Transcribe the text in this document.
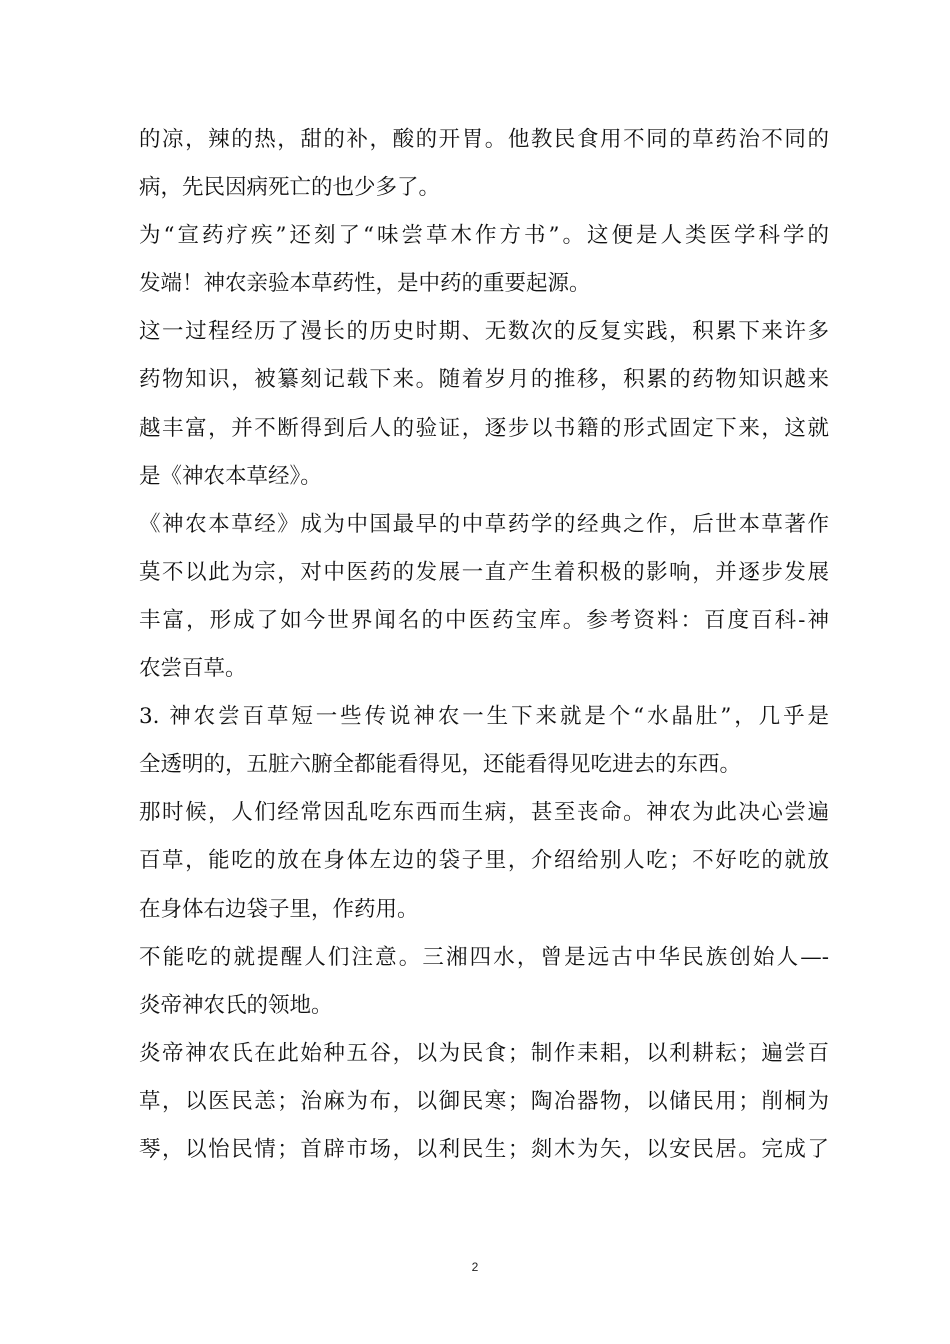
的凉，辣的热，甜的补，酸的开胃。他教民食用不同的草药治不同的
病，先民因病死亡的也少多了。
为“宣药疗疾”还刻了“味尝草木作方书”。这便是人类医学科学的
发端！神农亲验本草药性，是中药的重要起源。
这一过程经历了漫长的历史时期、无数次的反复实践，积累下来许多
药物知识，被纂刻记载下来。随着岁月的推移，积累的药物知识越来
越丰富，并不断得到后人的验证，逐步以书籍的形式固定下来，这就
是《神农本草经》。
《神农本草经》成为中国最早的中草药学的经典之作，后世本草著作
莫不以此为宗，对中医药的发展一直产生着积极的影响，并逐步发展
丰富，形成了如今世界闻名的中医药宝库。参考资料：百度百科-神
农尝百草。
3. 神农尝百草短一些传说神农一生下来就是个“水晶肚”，几乎是
全透明的，五脏六腑全都能看得见，还能看得见吃进去的东西。
那时候，人们经常因乱吃东西而生病，甚至丧命。神农为此决心尝遍
百草，能吃的放在身体左边的袋子里，介绍给别人吃；不好吃的就放
在身体右边袋子里，作药用。
不能吃的就提醒人们注意。三湘四水，曾是远古中华民族创始人—-
炎帝神农氏的领地。
炎帝神农氏在此始种五谷，以为民食；制作耒耜，以利耕耘；遍尝百
草，以医民恙；治麻为布，以御民寒；陶冶器物，以储民用；削桐为
琴，以怡民情；首辟市场，以利民生；剡木为矢，以安民居。完成了
2
